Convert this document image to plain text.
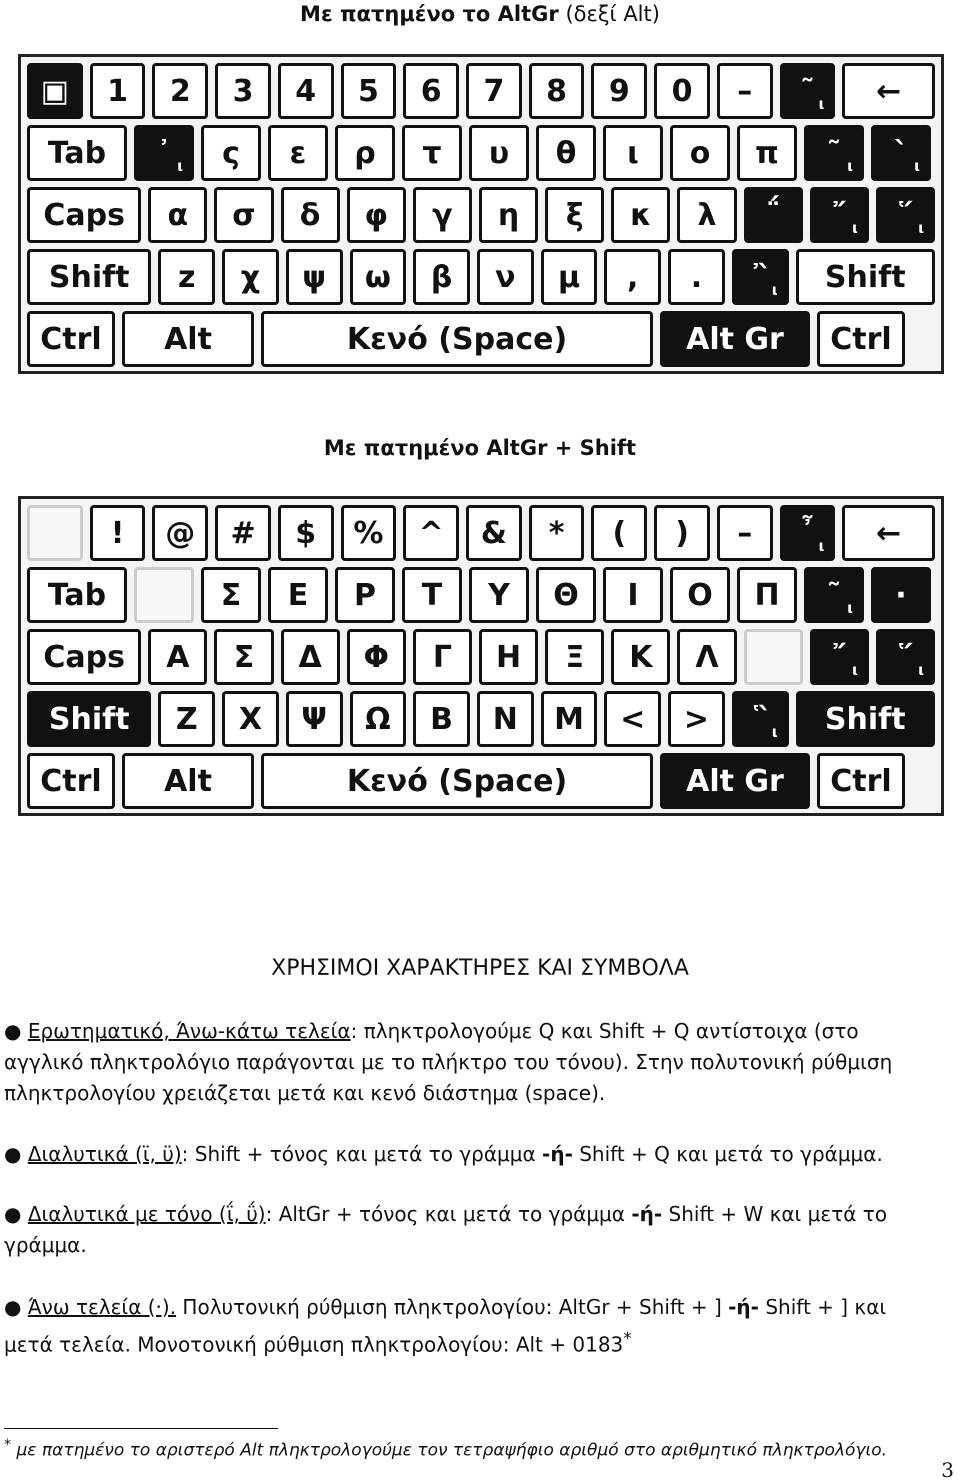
Με πατημένο το AltGr (δεξί Alt)
▣	1	2	3	4	5	6	7	8	9	0	–	ι
῀	←
Tab	ι
᾽	ς	ε	ρ	τ	υ	θ	ι	ο	π	ι
῀	ι
`
Caps	α	σ	δ	φ	γ	η	ξ	κ	λ	΅	ι
῎	ι
῞
Shift	z	χ	ψ	ω	β	ν	μ	,	.	ι
῍	Shift
Ctrl	Alt	Κενό (Space)	Alt Gr	Ctrl
Με πατημένο AltGr + Shift
!	@	#	$	%	^	&	*	(	)	–	ι
῏	←
Tab	Σ	Ε	Ρ	Τ	Υ	Θ	Ι	Ο	Π	ι
῀	·
Caps	Α	Σ	Δ	Φ	Γ	Η	Ξ	Κ	Λ	ι
῎	ι
῞
Shift	Ζ	Χ	Ψ	Ω	Β	Ν	Μ	<	>	ι
῝	Shift
Ctrl	Alt	Κενό (Space)	Alt Gr	Ctrl
ΧΡΗΣΙΜΟΙ ΧΑΡΑΚΤΗΡΕΣ ΚΑΙ ΣΥΜΒΟΛΑ
● Ερωτηματικό, Άνω-κάτω τελεία: πληκτρολογούμε Q και Shift + Q αντίστοιχα (στο αγγλικό πληκτρολόγιο παράγονται με το πλήκτρο του τόνου). Στην πολυτονική ρύθμιση πληκτρολογίου χρειάζεται μετά και κενό διάστημα (space).
● Διαλυτικά (ϊ, ϋ): Shift + τόνος και μετά το γράμμα -ή- Shift + Q και μετά το γράμμα.
● Διαλυτικά με τόνο (ΐ, ΰ): AltGr + τόνος και μετά το γράμμα -ή- Shift + W και μετά το γράμμα.
● Άνω τελεία (·). Πολυτονική ρύθμιση πληκτρολογίου: AltGr + Shift + ] -ή- Shift + ] και μετά τελεία. Μονοτονική ρύθμιση πληκτρολογίου: Alt + 0183*
* με πατημένο το αριστερό Alt πληκτρολογούμε τον τετραψήφιο αριθμό στο αριθμητικό πληκτρολόγιο.
3
